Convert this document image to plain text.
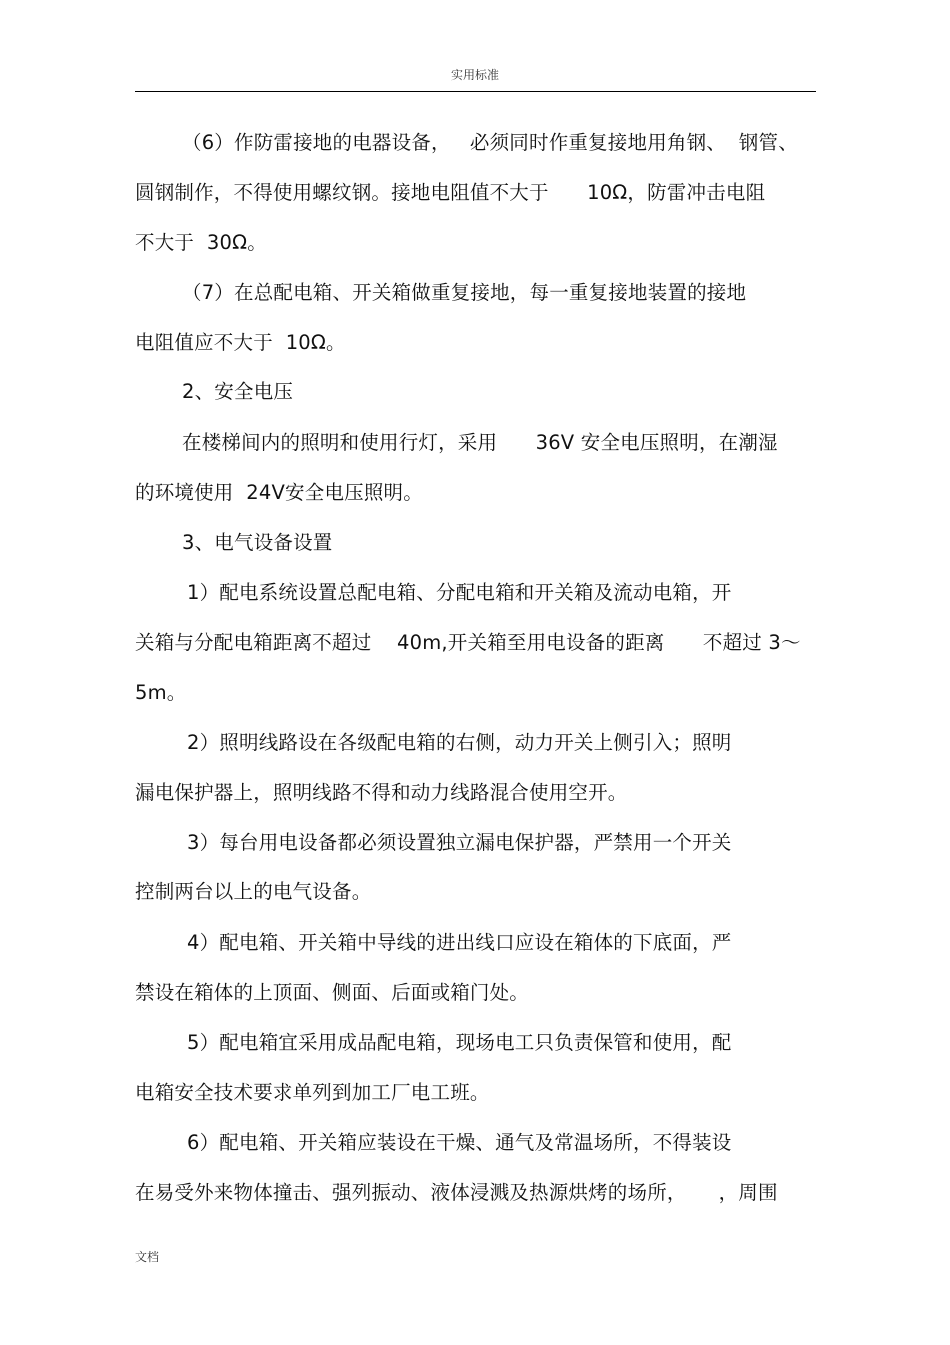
实用标准
（6）作防雷接地的电器设备，   必须同时作重复接地用角钢、  钢管、
圆钢制作，不得使用螺纹钢。接地电阻值不大于      10Ω，防雷冲击电阻
不大于  30Ω。
（7）在总配电箱、开关箱做重复接地，每一重复接地装置的接地
电阻值应不大于  10Ω。
2、安全电压
在楼梯间内的照明和使用行灯，采用      36V 安全电压照明，在潮湿
的环境使用  24V安全电压照明。
3、电气设备设置
1）配电系统设置总配电箱、分配电箱和开关箱及流动电箱，开
关箱与分配电箱距离不超过    40m,开关箱至用电设备的距离      不超过 3～
5m。
2）照明线路设在各级配电箱的右侧，动力开关上侧引入；照明
漏电保护器上，照明线路不得和动力线路混合使用空开。
3）每台用电设备都必须设置独立漏电保护器，严禁用一个开关
控制两台以上的电气设备。
4）配电箱、开关箱中导线的进出线口应设在箱体的下底面，严
禁设在箱体的上顶面、侧面、后面或箱门处。
5）配电箱宜采用成品配电箱，现场电工只负责保管和使用，配
电箱安全技术要求单列到加工厂电工班。
6）配电箱、开关箱应装设在干燥、通气及常温场所，不得装设
在易受外来物体撞击、强列振动、液体浸溅及热源烘烤的场所，     ，周围
文档
